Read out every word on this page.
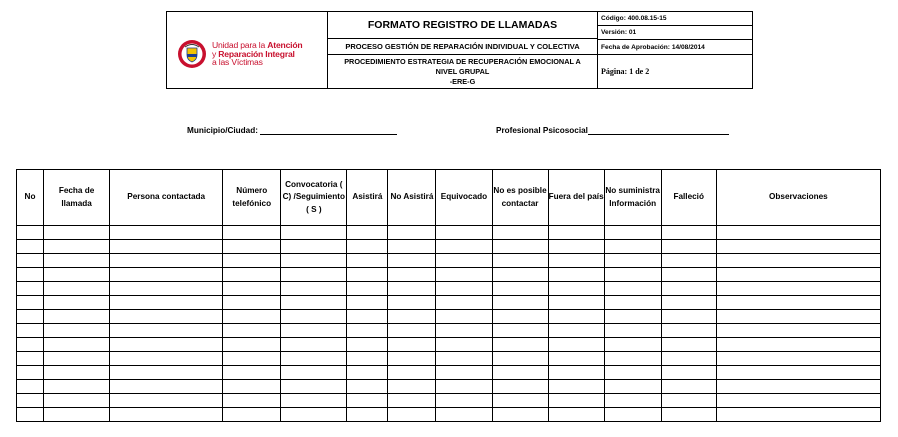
Unidad para la Atención
y Reparación Integral
a las Víctimas
FORMATO REGISTRO DE LLAMADAS
PROCESO GESTIÓN DE REPARACIÓN INDIVIDUAL Y COLECTIVA
PROCEDIMIENTO ESTRATEGIA DE RECUPERACIÓN EMOCIONAL A
NIVEL GRUPAL
-ERE-G
Código: 400.08.15-15
Versión: 01
Fecha de Aprobación: 14/08/2014
Página: 1 de 2
Municipio/Ciudad:	Profesional Psicosocial
No	Fecha de llamada	Persona contactada	Número telefónico	Convocatoria ( C) /Seguimiento ( S )	Asistirá	No Asistirá	Equivocado	No es posible contactar	Fuera del país	No suministra Información	Falleció	Observaciones
